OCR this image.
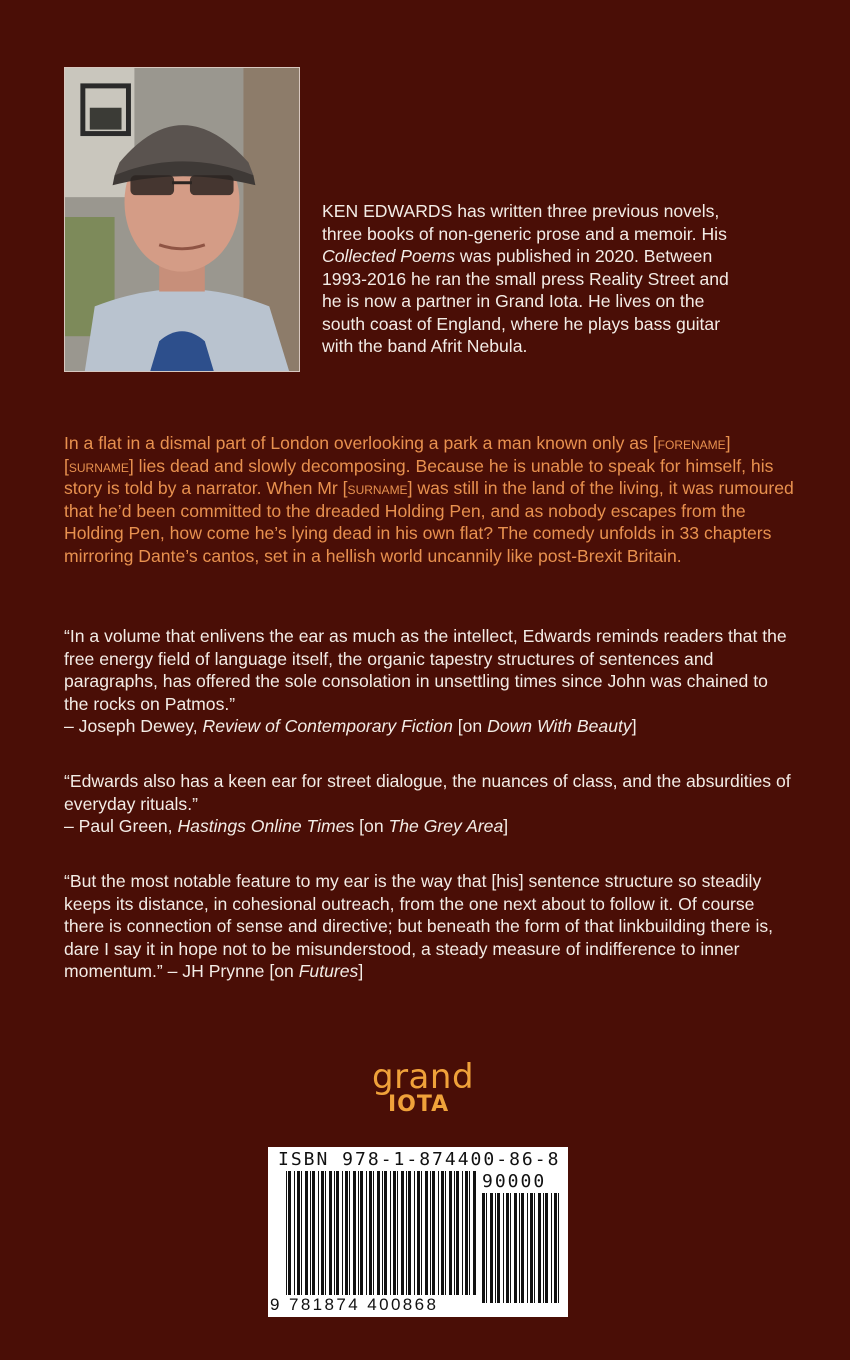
KEN EDWARDS has written three previous novels, three books of non-generic prose and a memoir. His Collected Poems was published in 2020. Between 1993-2016 he ran the small press Reality Street and he is now a partner in Grand Iota. He lives on the south coast of England, where he plays bass guitar with the band Afrit Nebula.

In a flat in a dismal part of London overlooking a park a man known only as [forename] [surname] lies dead and slowly decomposing. Because he is unable to speak for himself, his story is told by a narrator. When Mr [surname] was still in the land of the living, it was rumoured that he’d been committed to the dreaded Holding Pen, and as nobody escapes from the Holding Pen, how come he’s lying dead in his own flat? The comedy unfolds in 33 chapters mirroring Dante’s cantos, set in a hellish world uncannily like post-Brexit Britain.

“In a volume that enlivens the ear as much as the intellect, Edwards reminds readers that the free energy field of language itself, the organic tapestry structures of sentences and paragraphs, has offered the sole consolation in unsettling times since John was chained to the rocks on Patmos.”
– Joseph Dewey, Review of Contemporary Fiction [on Down With Beauty]

“Edwards also has a keen ear for street dialogue, the nuances of class, and the absurdities of everyday rituals.”
– Paul Green, Hastings Online Times [on The Grey Area]

“But the most notable feature to my ear is the way that [his] sentence structure so steadily keeps its distance, in cohesional outreach, from the one next about to follow it. Of course there is connection of sense and directive; but beneath the form of that linkbuilding there is, dare I say it in hope not to be misunderstood, a steady measure of indifference to inner momentum.” – JH Prynne [on Futures]

grand
IOTA
ISBN 978-1-874400-86-8
90000
9 781874 400868
